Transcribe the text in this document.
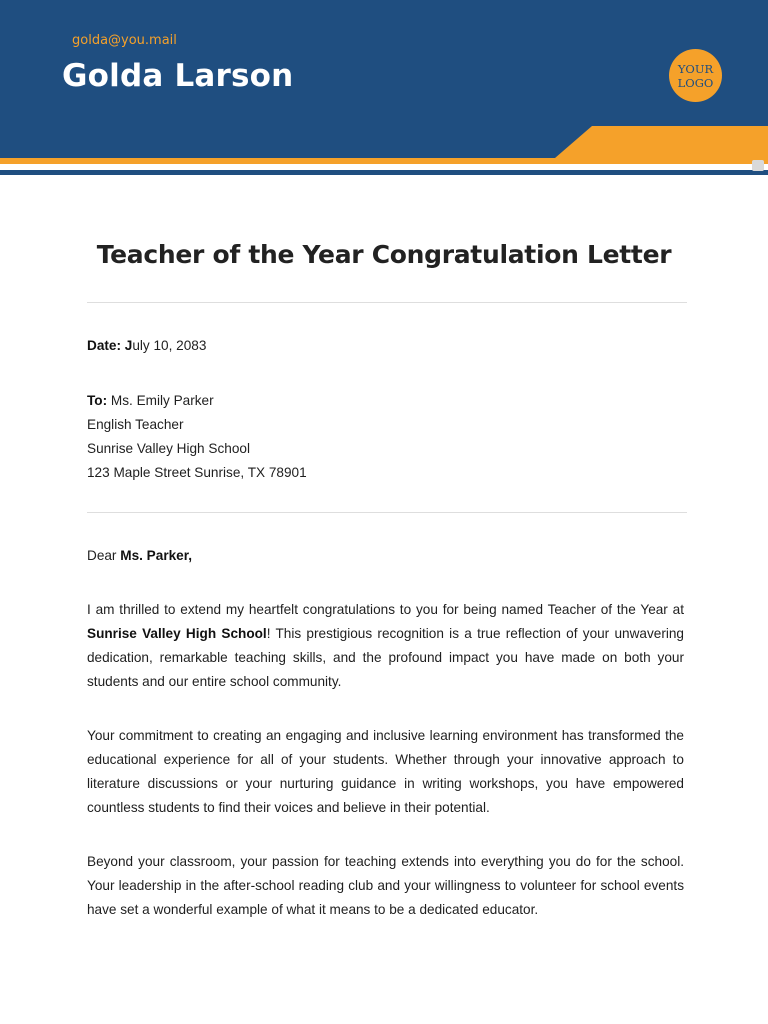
golda@you.mail
Golda Larson	YOUR
LOGO
Teacher of the Year Congratulation Letter
Date: July 10, 2083
To: Ms. Emily Parker
English Teacher
Sunrise Valley High School
123 Maple Street Sunrise, TX 78901
Dear Ms. Parker,
I am thrilled to extend my heartfelt congratulations to you for being named Teacher of the Year at Sunrise Valley High School! This prestigious recognition is a true reflection of your unwavering dedication, remarkable teaching skills, and the profound impact you have made on both your students and our entire school community.
Your commitment to creating an engaging and inclusive learning environment has transformed the educational experience for all of your students. Whether through your innovative approach to literature discussions or your nurturing guidance in writing workshops, you have empowered countless students to find their voices and believe in their potential.
Beyond your classroom, your passion for teaching extends into everything you do for the school. Your leadership in the after-school reading club and your willingness to volunteer for school events have set a wonderful example of what it means to be a dedicated educator.
